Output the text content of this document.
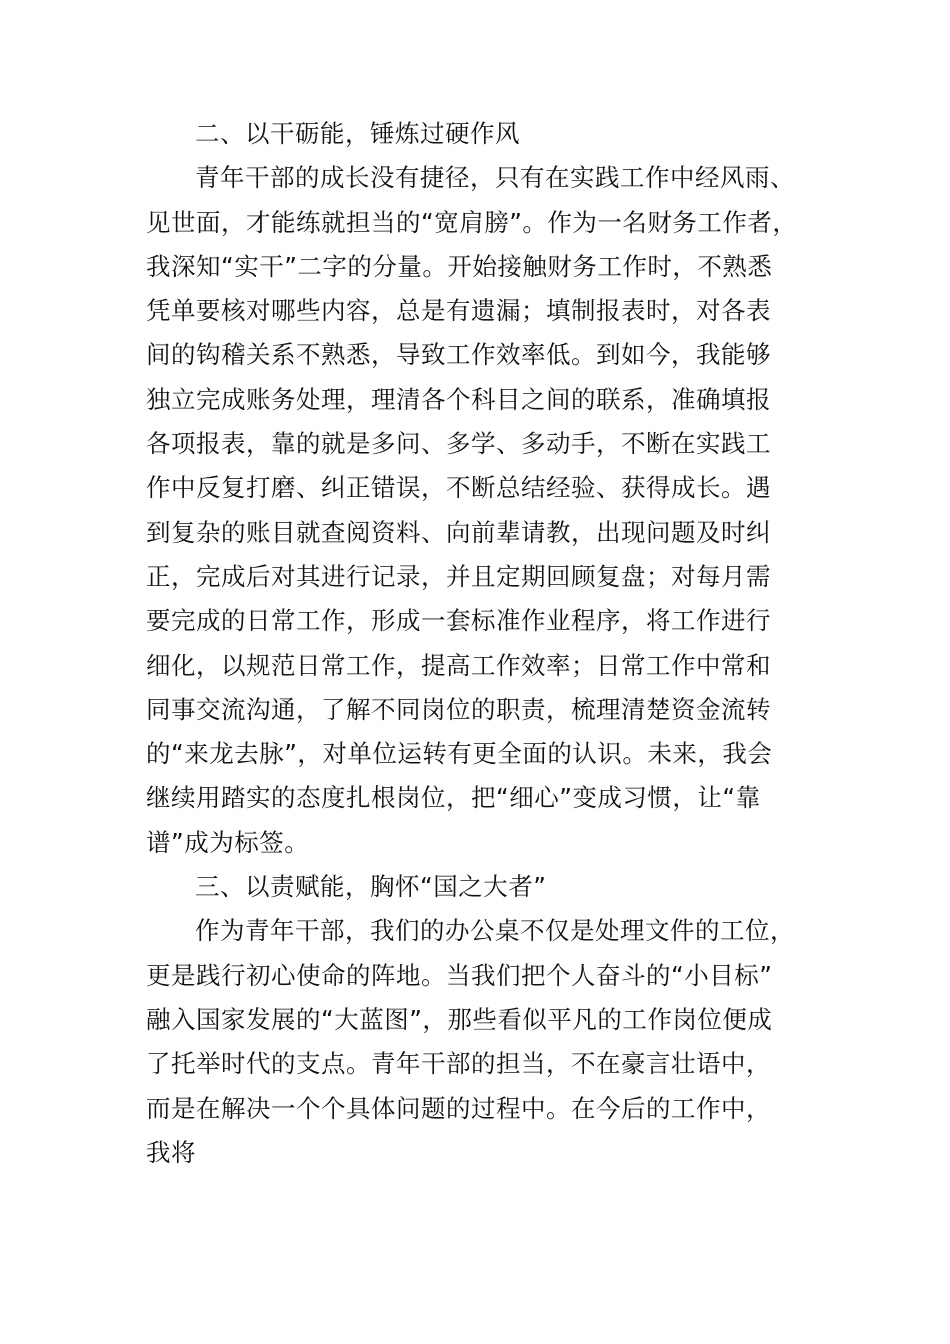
二、以干砺能，锤炼过硬作风
青年干部的成长没有捷径，只有在实践工作中经风雨、
见世面，才能练就担当的“宽肩膀”。作为一名财务工作者，
我深知“实干”二字的分量。开始接触财务工作时，不熟悉
凭单要核对哪些内容，总是有遗漏；填制报表时，对各表
间的钩稽关系不熟悉，导致工作效率低。到如今，我能够
独立完成账务处理，理清各个科目之间的联系，准确填报
各项报表，靠的就是多问、多学、多动手，不断在实践工
作中反复打磨、纠正错误，不断总结经验、获得成长。遇
到复杂的账目就查阅资料、向前辈请教，出现问题及时纠
正，完成后对其进行记录，并且定期回顾复盘；对每月需
要完成的日常工作，形成一套标准作业程序，将工作进行
细化，以规范日常工作，提高工作效率；日常工作中常和
同事交流沟通，了解不同岗位的职责，梳理清楚资金流转
的“来龙去脉”，对单位运转有更全面的认识。未来，我会
继续用踏实的态度扎根岗位，把“细心”变成习惯，让“靠
谱”成为标签。
三、以责赋能，胸怀“国之大者”
作为青年干部，我们的办公桌不仅是处理文件的工位，
更是践行初心使命的阵地。当我们把个人奋斗的“小目标”
融入国家发展的“大蓝图”，那些看似平凡的工作岗位便成
了托举时代的支点。青年干部的担当，不在豪言壮语中，
而是在解决一个个具体问题的过程中。在今后的工作中，
我将
